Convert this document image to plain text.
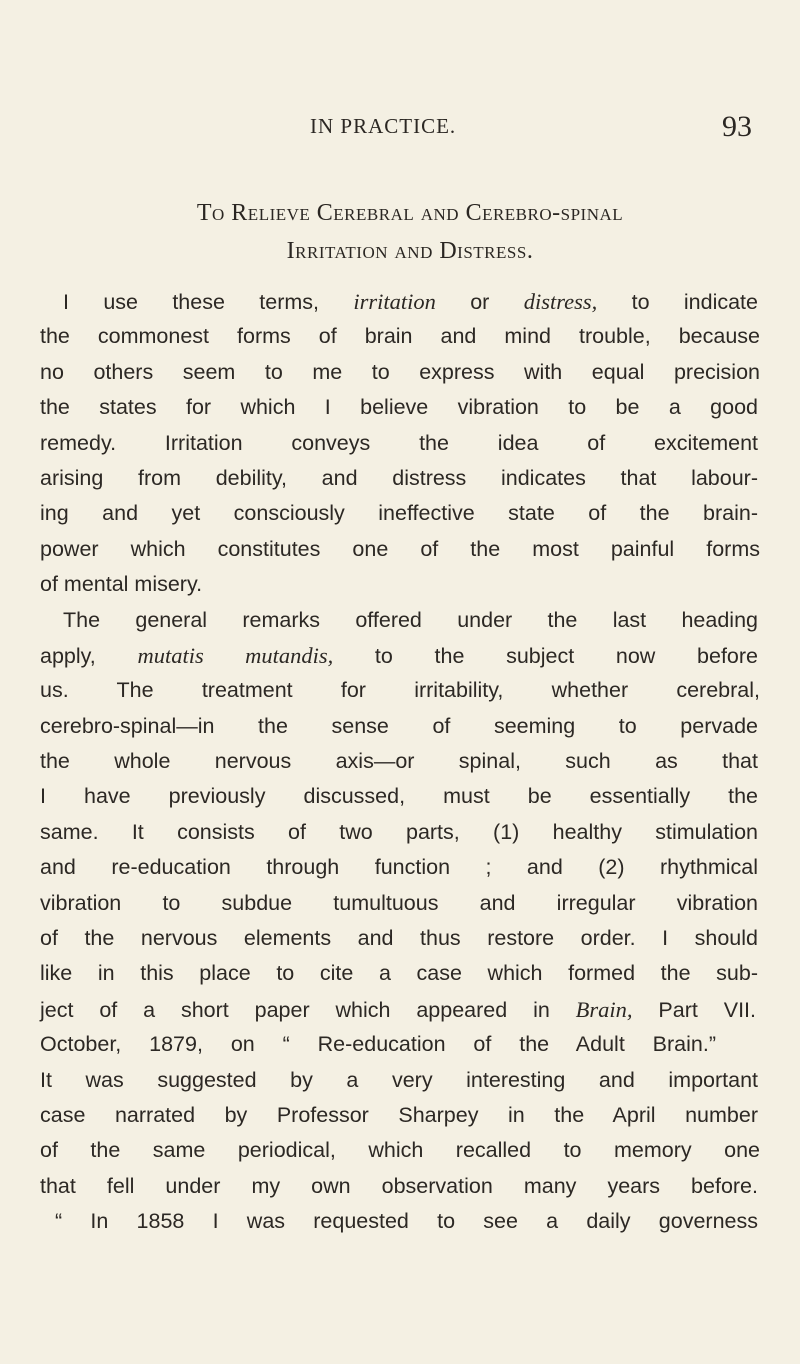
IN PRACTICE.	93
To Relieve Cerebral and Cerebro-spinal
Irritation and Distress.
I use these terms, irritation or distress, to indicate
the commonest forms of brain and mind trouble, because
no others seem to me to express with equal precision
the states for which I believe vibration to be a good
remedy. Irritation conveys the idea of excitement
arising from debility, and distress indicates that labour-
ing and yet consciously ineffective state of the brain-
power which constitutes one of the most painful forms
of mental misery.
The general remarks offered under the last heading
apply, mutatis mutandis, to the subject now before
us. The treatment for irritability, whether cerebral,
cerebro-spinal—in the sense of seeming to pervade
the whole nervous axis—or spinal, such as that
I have previously discussed, must be essentially the
same. It consists of two parts, (1) healthy stimulation
and re-education through function ; and (2) rhythmical
vibration to subdue tumultuous and irregular vibration
of the nervous elements and thus restore order. I should
like in this place to cite a case which formed the sub-
ject of a short paper which appeared in Brain, Part VII.
October, 1879, on “ Re-education of the Adult Brain.”
It was suggested by a very interesting and important
case narrated by Professor Sharpey in the April number
of the same periodical, which recalled to memory one
that fell under my own observation many years before.
“ In 1858 I was requested to see a daily governess
